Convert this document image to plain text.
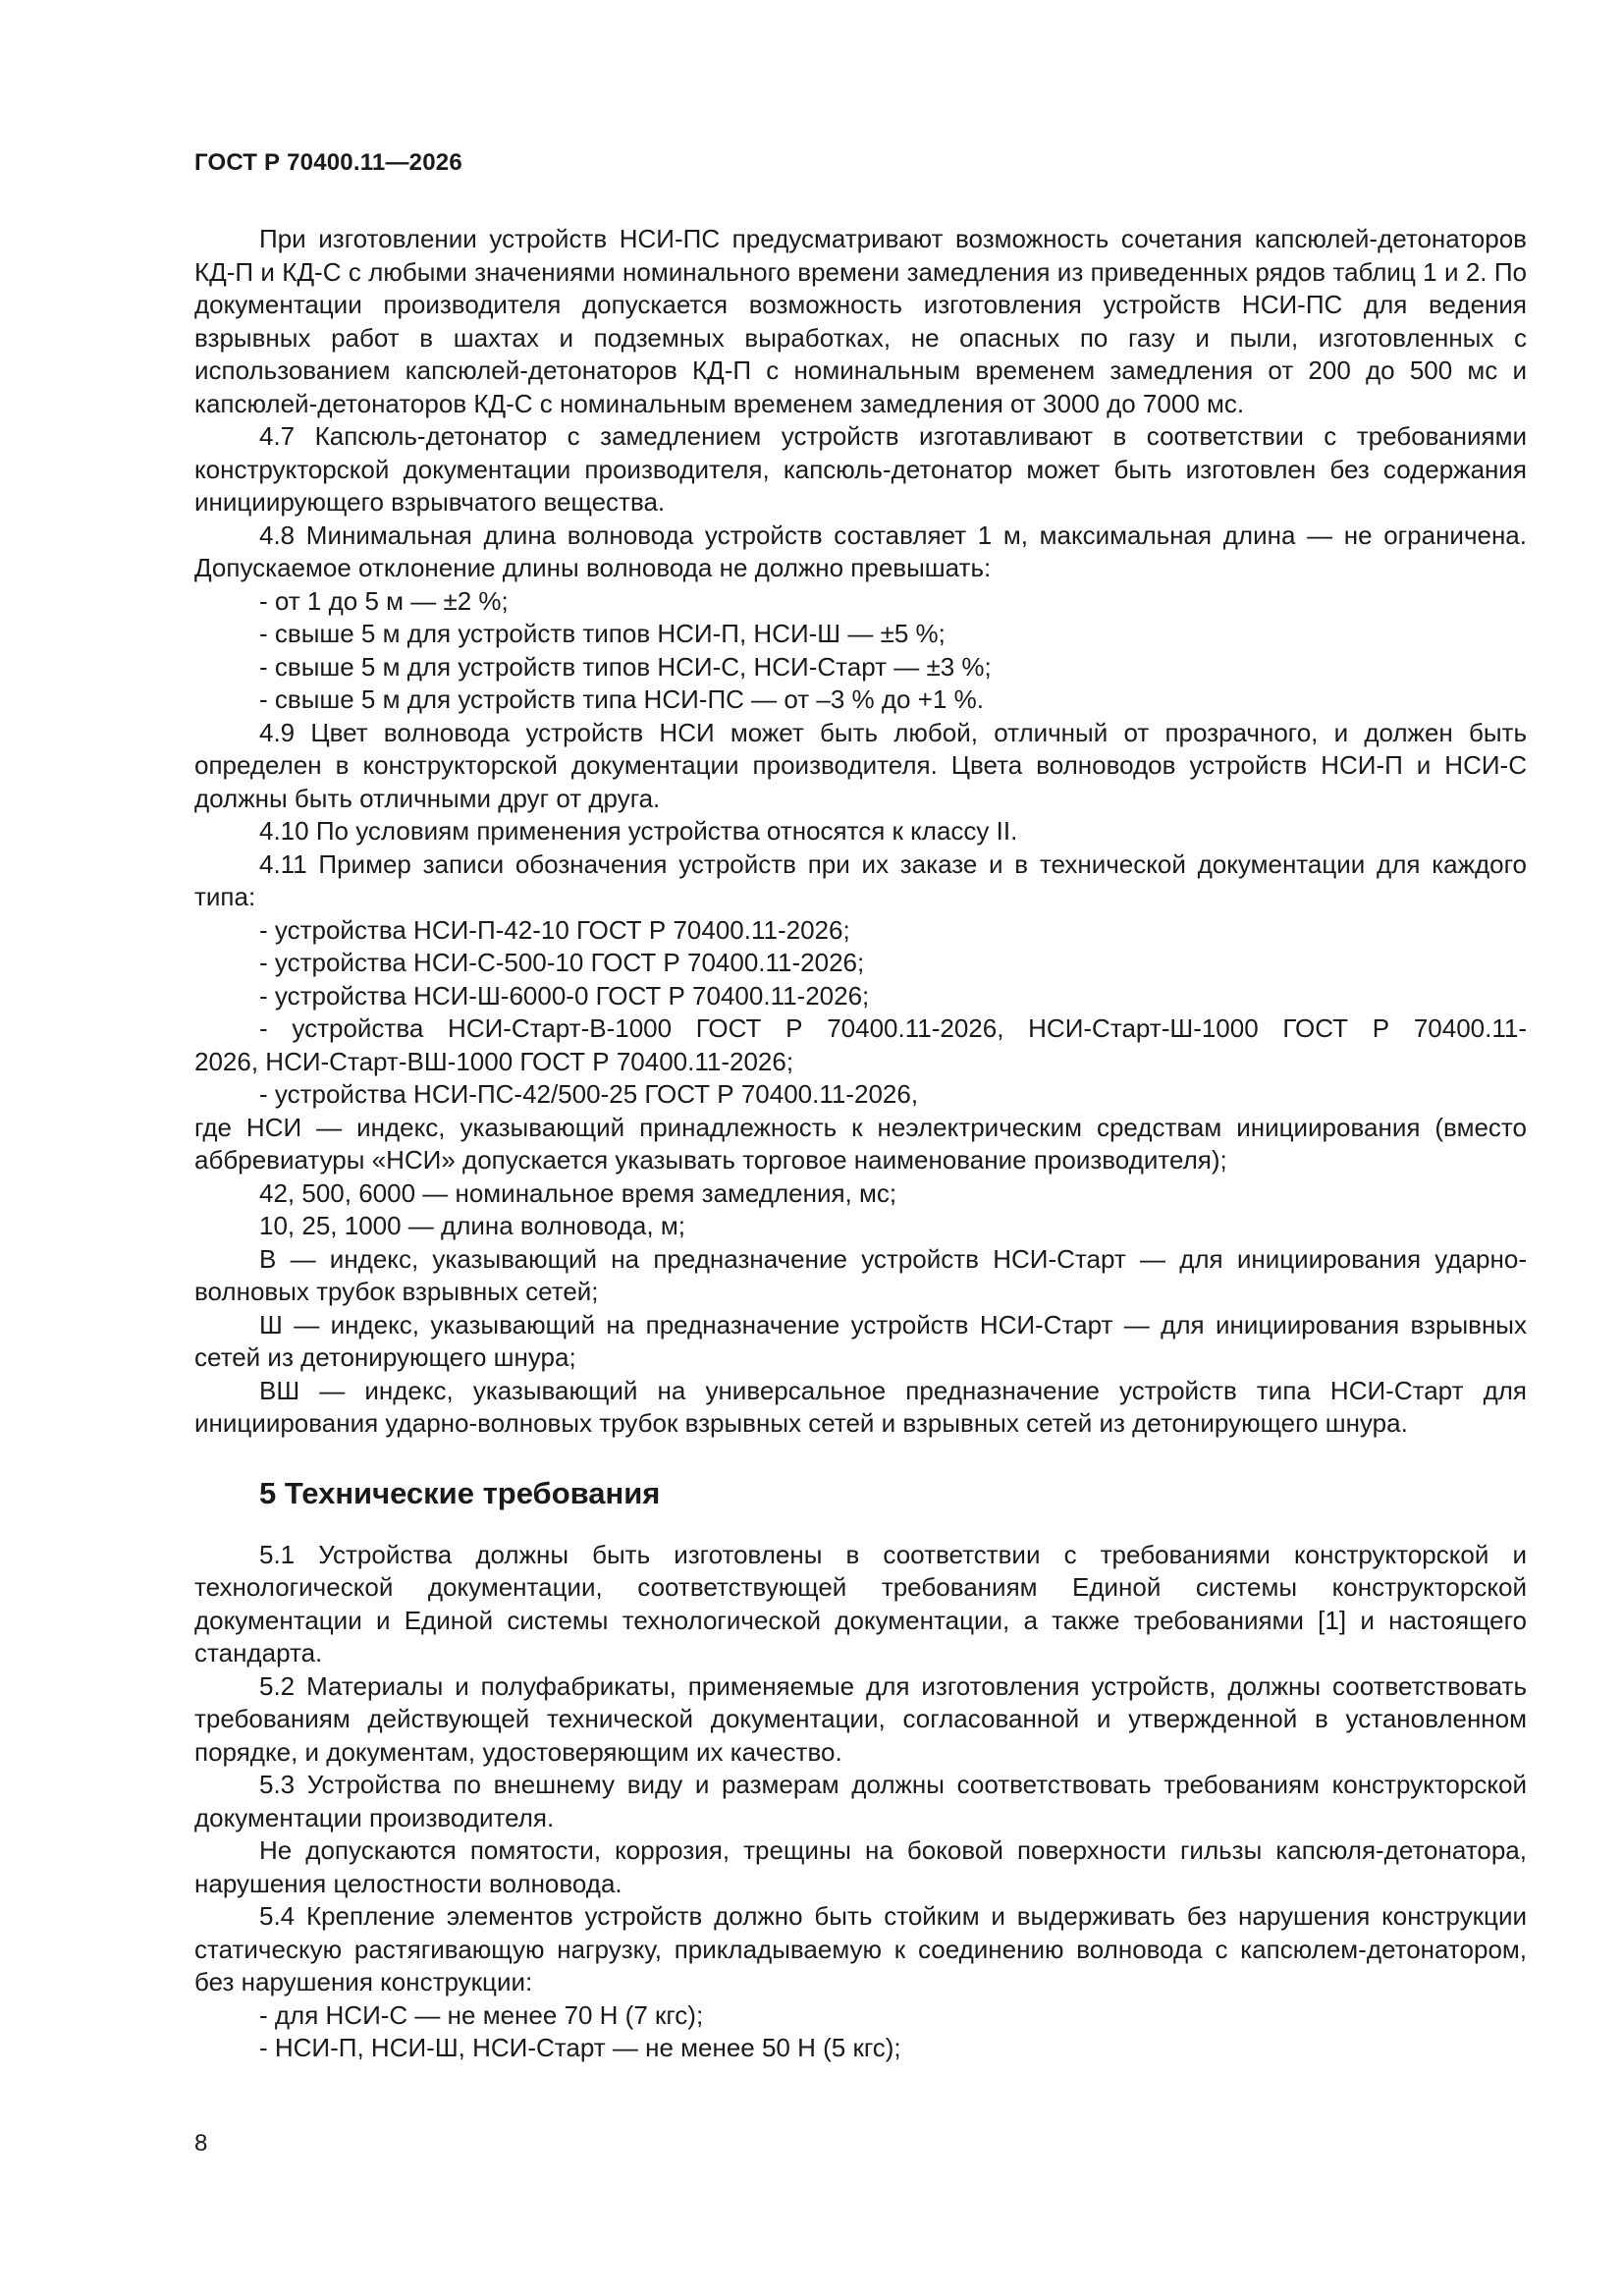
ГОСТ Р 70400.11—2026

При изготовлении устройств НСИ-ПС предусматривают возможность сочетания капсюлей-детонаторов КД-П и КД-С с любыми значениями номинального времени замедления из приведенных рядов таблиц 1 и 2. По документации производителя допускается возможность изготовления устройств НСИ-ПС для ведения взрывных работ в шахтах и подземных выработках, не опасных по газу и пыли, изготовленных с использованием капсюлей-детонаторов КД-П с номинальным временем замедления от 200 до 500 мс и капсюлей-детонаторов КД-С с номинальным временем замедления от 3000 до 7000 мс.

4.7 Капсюль-детонатор с замедлением устройств изготавливают в соответствии с требованиями конструкторской документации производителя, капсюль-детонатор может быть изготовлен без содержания инициирующего взрывчатого вещества.

4.8 Минимальная длина волновода устройств составляет 1 м, максимальная длина — не ограничена. Допускаемое отклонение длины волновода не должно превышать:

- от 1 до 5 м — ±2 %;

- свыше 5 м для устройств типов НСИ-П, НСИ-Ш — ±5 %;

- свыше 5 м для устройств типов НСИ-С, НСИ-Старт — ±3 %;

- свыше 5 м для устройств типа НСИ-ПС — от –3 % до +1 %.

4.9 Цвет волновода устройств НСИ может быть любой, отличный от прозрачного, и должен быть определен в конструкторской документации производителя. Цвета волноводов устройств НСИ-П и НСИ-С должны быть отличными друг от друга.

4.10 По условиям применения устройства относятся к классу II.

4.11 Пример записи обозначения устройств при их заказе и в технической документации для каждого типа:

- устройства НСИ-П-42-10 ГОСТ Р 70400.11-2026;

- устройства НСИ-С-500-10 ГОСТ Р 70400.11-2026;

- устройства НСИ-Ш-6000-0 ГОСТ Р 70400.11-2026;

- устройства НСИ-Старт-В-1000 ГОСТ Р 70400.11-2026, НСИ-Старт-Ш-1000 ГОСТ Р 70400.11-

2026, НСИ-Старт-ВШ-1000 ГОСТ Р 70400.11-2026;

- устройства НСИ-ПС-42/500-25 ГОСТ Р 70400.11-2026,

где НСИ — индекс, указывающий принадлежность к неэлектрическим средствам инициирования (вместо аббревиатуры «НСИ» допускается указывать торговое наименование производителя);

42, 500, 6000 — номинальное время замедления, мс;

10, 25, 1000 — длина волновода, м;

В — индекс, указывающий на предназначение устройств НСИ-Старт — для инициирования ударно-волновых трубок взрывных сетей;

Ш — индекс, указывающий на предназначение устройств НСИ-Старт — для инициирования взрывных сетей из детонирующего шнура;

ВШ — индекс, указывающий на универсальное предназначение устройств типа НСИ-Старт для инициирования ударно-волновых трубок взрывных сетей и взрывных сетей из детонирующего шнура.

5 Технические требования

5.1 Устройства должны быть изготовлены в соответствии с требованиями конструкторской и технологической документации, соответствующей требованиям Единой системы конструкторской документации и Единой системы технологической документации, а также требованиями [1] и настоящего стандарта.

5.2 Материалы и полуфабрикаты, применяемые для изготовления устройств, должны соответствовать требованиям действующей технической документации, согласованной и утвержденной в установленном порядке, и документам, удостоверяющим их качество.

5.3 Устройства по внешнему виду и размерам должны соответствовать требованиям конструкторской документации производителя.

Не допускаются помятости, коррозия, трещины на боковой поверхности гильзы капсюля-детонатора, нарушения целостности волновода.

5.4 Крепление элементов устройств должно быть стойким и выдерживать без нарушения конструкции статическую растягивающую нагрузку, прикладываемую к соединению волновода с капсюлем-детонатором, без нарушения конструкции:

- для НСИ-С — не менее 70 Н (7 кгс);

- НСИ-П, НСИ-Ш, НСИ-Старт — не менее 50 Н (5 кгс);

8
